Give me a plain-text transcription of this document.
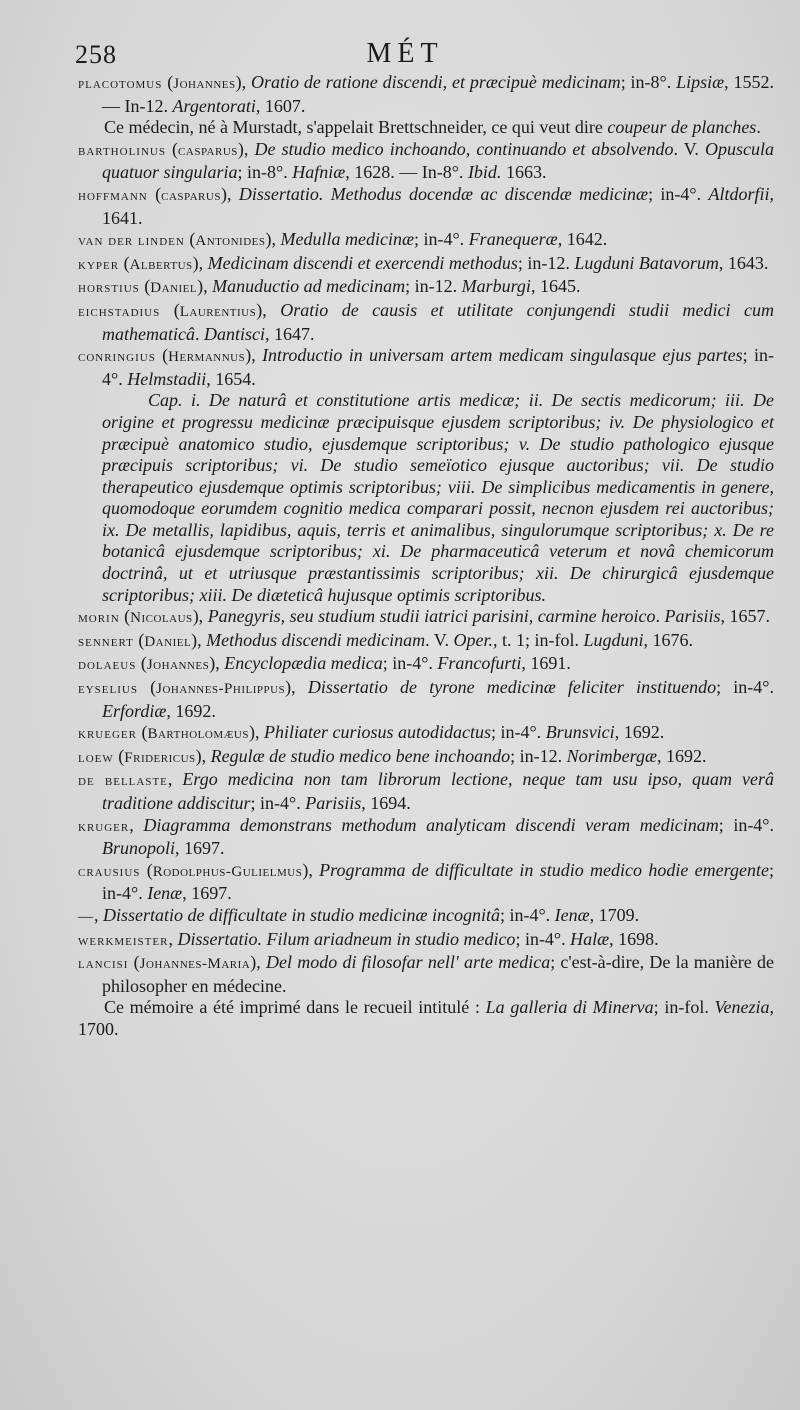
258	MÉT

placotomus (Johannes), Oratio de ratione discendi, et præcipuè medicinam; in-8°. Lipsiæ, 1552. — In-12. Argentorati, 1607.

Ce médecin, né à Murstadt, s'appelait Brettschneider, ce qui veut dire coupeur de planches.

bartholinus (casparus), De studio medico inchoando, continuando et absolvendo. V. Opuscula quatuor singularia; in-8°. Hafniæ, 1628. — In-8°. Ibid. 1663.

hoffmann (casparus), Dissertatio. Methodus docendæ ac discendæ medicinæ; in-4°. Altdorfii, 1641.

van der linden (Antonides), Medulla medicinæ; in-4°. Franequeræ, 1642.

kyper (Albertus), Medicinam discendi et exercendi methodus; in-12. Lugduni Batavorum, 1643.

horstius (Daniel), Manuductio ad medicinam; in-12. Marburgi, 1645.

eichstadius (Laurentius), Oratio de causis et utilitate conjungendi studii medici cum mathematicâ. Dantisci, 1647.

conringius (Hermannus), Introductio in universam artem medicam singulasque ejus partes; in-4°. Helmstadii, 1654.

Cap. i. De naturâ et constitutione artis medicæ; ii. De sectis medicorum; iii. De origine et progressu medicinæ præcipuisque ejusdem scriptoribus; iv. De physiologico et præcipuè anatomico studio, ejusdemque scriptoribus; v. De studio pathologico ejusque præcipuis scriptoribus; vi. De studio semeïotico ejusque auctoribus; vii. De studio therapeutico ejusdemque optimis scriptoribus; viii. De simplicibus medicamentis in genere, quomodoque eorumdem cognitio medica comparari possit, necnon ejusdem rei auctoribus; ix. De metallis, lapidibus, aquis, terris et animalibus, singulorumque scriptoribus; x. De re botanicâ ejusdemque scriptoribus; xi. De pharmaceuticâ veterum et novâ chemicorum doctrinâ, ut et utriusque præstantissimis scriptoribus; xii. De chirurgicâ ejusdemque scriptoribus; xiii. De diæteticâ hujusque optimis scriptoribus.

morin (Nicolaus), Panegyris, seu studium studii iatrici parisini, carmine heroico. Parisiis, 1657.

sennert (Daniel), Methodus discendi medicinam. V. Oper., t. 1; in-fol. Lugduni, 1676.

dolaeus (Johannes), Encyclopædia medica; in-4°. Francofurti, 1691.

eyselius (Johannes-Philippus), Dissertatio de tyrone medicinæ feliciter instituendo; in-4°. Erfordiæ, 1692.

krueger (Bartholomæus), Philiater curiosus autodidactus; in-4°. Brunsvici, 1692.

loew (Fridericus), Regulæ de studio medico bene inchoando; in-12. Norimbergæ, 1692.

de bellaste, Ergo medicina non tam librorum lectione, neque tam usu ipso, quam verâ traditione addiscitur; in-4°. Parisiis, 1694.

kruger, Diagramma demonstrans methodum analyticam discendi veram medicinam; in-4°. Brunopoli, 1697.

crausius (Rodolphus-Gulielmus), Programma de difficultate in studio medico hodie emergente; in-4°. Ienæ, 1697.

—, Dissertatio de difficultate in studio medicinæ incognitâ; in-4°. Ienæ, 1709.

werkmeister, Dissertatio. Filum ariadneum in studio medico; in-4°. Halæ, 1698.

lancisi (Johannes-Maria), Del modo di filosofar nell' arte medica; c'est-à-dire, De la manière de philosopher en médecine.

Ce mémoire a été imprimé dans le recueil intitulé : La galleria di Minerva; in-fol. Venezia, 1700.
